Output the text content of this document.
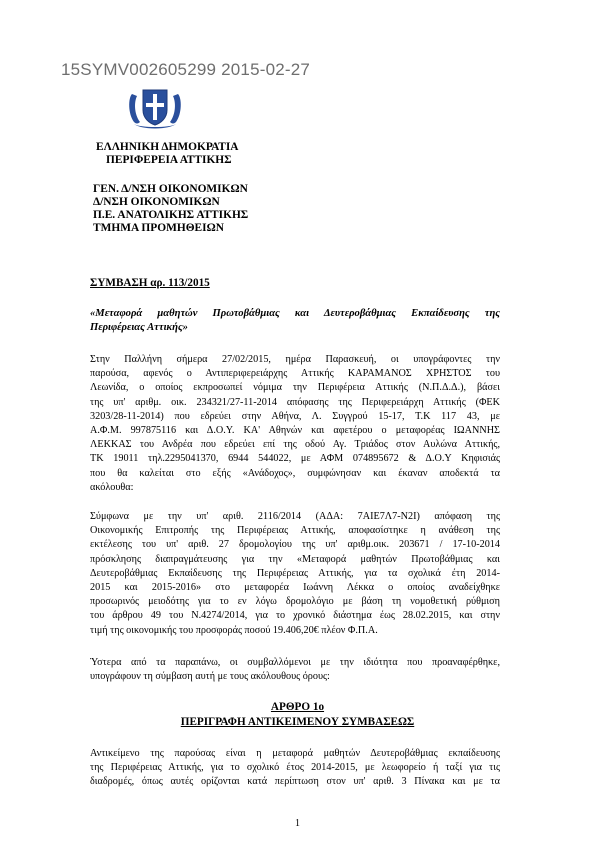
15SYMV002605299 2015-02-27
ΕΛΛΗΝΙΚΗ ΔΗΜΟΚΡΑΤΙΑ
ΠΕΡΙΦΕΡΕΙΑ ΑΤΤΙΚΗΣ
ΓΕΝ. Δ/ΝΣΗ ΟΙΚΟΝΟΜΙΚΩΝ
Δ/ΝΣΗ ΟΙΚΟΝΟΜΙΚΩΝ
Π.Ε. ΑΝΑΤΟΛΙΚΗΣ ΑΤΤΙΚΗΣ
ΤΜΗΜΑ ΠΡΟΜΗΘΕΙΩΝ
ΣΥΜΒΑΣΗ αρ. 113/2015
«Μεταφορά μαθητών Πρωτοβάθμιας και Δευτεροβάθμιας Εκπαίδευσης της
Περιφέρειας Αττικής»
Στην Παλλήνη σήμερα 27/02/2015, ημέρα Παρασκευή, οι υπογράφοντες την
παρούσα, αφενός ο Αντιπεριφερειάρχης Αττικής ΚΑΡΑΜΑΝΟΣ ΧΡΗΣΤΟΣ του
Λεωνίδα, ο οποίος εκπροσωπεί νόμιμα την Περιφέρεια Αττικής (Ν.Π.Δ.Δ.), βάσει
της υπ' αριθμ. οικ. 234321/27-11-2014 απόφασης της Περιφερειάρχη Αττικής (ΦΕΚ
3203/28-11-2014) που εδρεύει στην Αθήνα, Λ. Συγγρού 15-17, Τ.Κ 117 43, με
Α.Φ.Μ. 997875116 και Δ.Ο.Υ. ΚΑ' Αθηνών και αφετέρου ο μεταφορέας ΙΩΑΝΝΗΣ
ΛΕΚΚΑΣ του Ανδρέα που εδρεύει επί της οδού Αγ. Τριάδος στον Αυλώνα Αττικής,
ΤΚ 19011 τηλ.2295041370, 6944 544022, με ΑΦΜ 074895672 & Δ.Ο.Υ Κηφισιάς
που θα καλείται στο εξής «Ανάδοχος», συμφώνησαν και έκαναν αποδεκτά τα
ακόλουθα:
Σύμφωνα με την υπ' αριθ. 2116/2014 (ΑΔΑ: 7ΑΙΕ7Λ7-Ν2Ι) απόφαση της
Οικονομικής Επιτροπής της Περιφέρειας Αττικής, αποφασίστηκε η ανάθεση της
εκτέλεσης του υπ' αριθ. 27 δρομολογίου της υπ' αριθμ.οικ. 203671 / 17-10-2014
πρόσκλησης διαπραγμάτευσης για την «Μεταφορά μαθητών Πρωτοβάθμιας και
Δευτεροβάθμιας Εκπαίδευσης της Περιφέρειας Αττικής, για τα σχολικά έτη 2014-
2015 και 2015-2016» στο μεταφορέα Ιωάννη Λέκκα ο οποίος αναδείχθηκε
προσωρινός μειοδότης για το εν λόγω δρομολόγιο με βάση τη νομοθετική ρύθμιση
του άρθρου 49 του Ν.4274/2014, για το χρονικό διάστημα έως 28.02.2015, και στην
τιμή της οικονομικής του προσφοράς ποσού 19.406,20€ πλέον Φ.Π.Α.
Ύστερα από τα παραπάνω, οι συμβαλλόμενοι με την ιδιότητα που προαναφέρθηκε,
υπογράφουν τη σύμβαση αυτή με τους ακόλουθους όρους:
ΑΡΘΡΟ 1ο
ΠΕΡΙΓΡΑΦΗ ΑΝΤΙΚΕΙΜΕΝΟΥ ΣΥΜΒΑΣΕΩΣ
Αντικείμενο της παρούσας είναι η μεταφορά μαθητών Δευτεροβάθμιας εκπαίδευσης
της Περιφέρειας Αττικής, για το σχολικό έτος 2014-2015, με λεωφορείο ή ταξί για τις
διαδρομές, όπως αυτές ορίζονται κατά περίπτωση στον υπ' αριθ. 3 Πίνακα και με τα
1
